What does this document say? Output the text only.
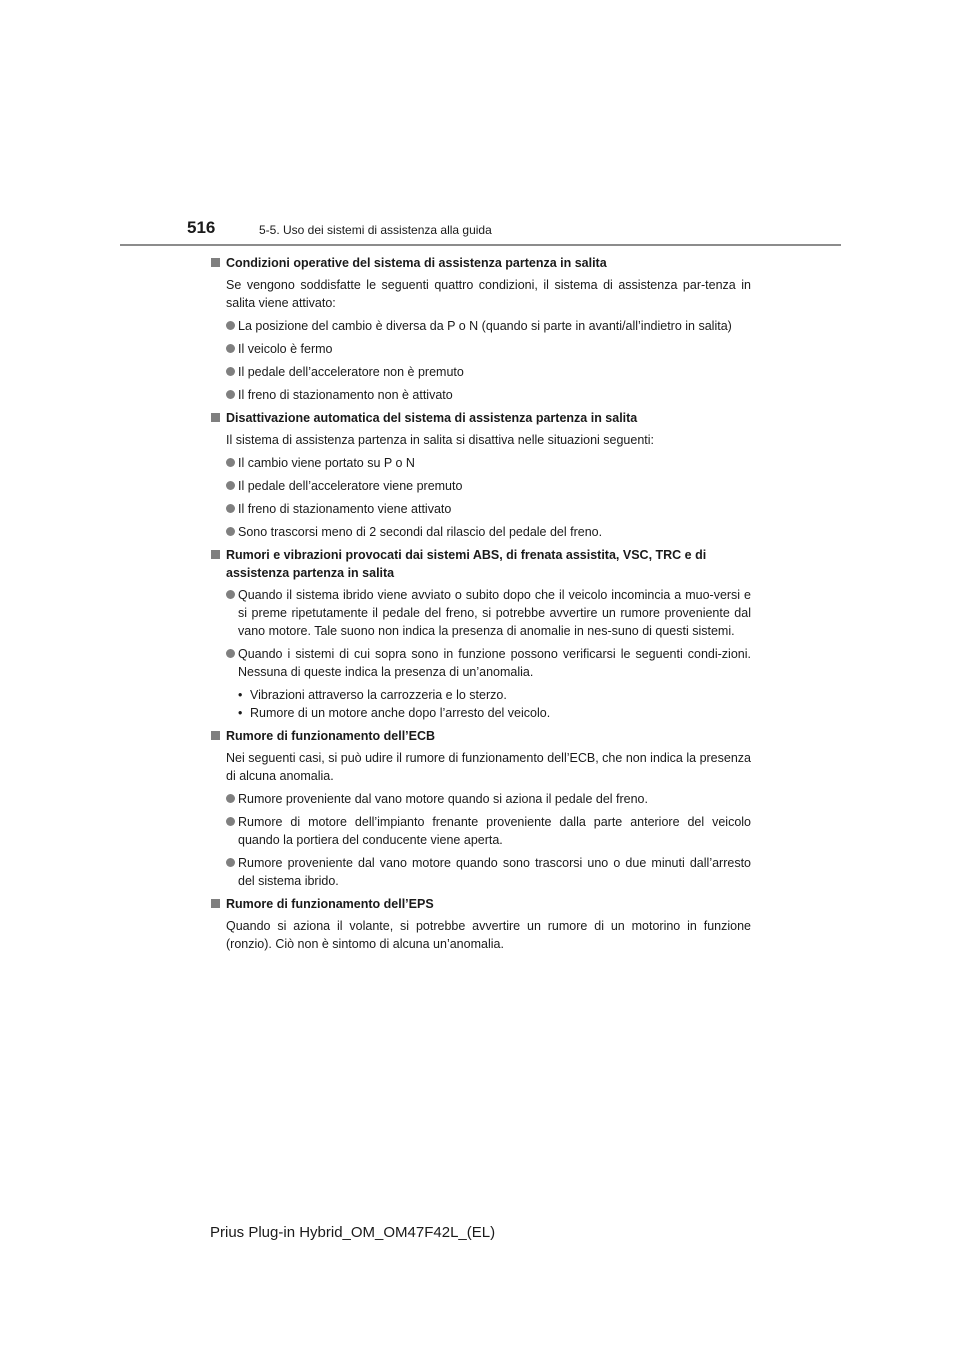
516	5-5. Uso dei sistemi di assistenza alla guida

Condizioni operative del sistema di assistenza partenza in salita

Se vengono soddisfatte le seguenti quattro condizioni, il sistema di assistenza par-tenza in salita viene attivato:

La posizione del cambio è diversa da P o N (quando si parte in avanti/all’indietro in salita)

Il veicolo è fermo

Il pedale dell’acceleratore non è premuto

Il freno di stazionamento non è attivato

Disattivazione automatica del sistema di assistenza partenza in salita

Il sistema di assistenza partenza in salita si disattiva nelle situazioni seguenti:

Il cambio viene portato su P o N

Il pedale dell’acceleratore viene premuto

Il freno di stazionamento viene attivato

Sono trascorsi meno di 2 secondi dal rilascio del pedale del freno.

Rumori e vibrazioni provocati dai sistemi ABS, di frenata assistita, VSC, TRC e di assistenza partenza in salita

Quando il sistema ibrido viene avviato o subito dopo che il veicolo incomincia a muo-versi e si preme ripetutamente il pedale del freno, si potrebbe avvertire un rumore proveniente dal vano motore. Tale suono non indica la presenza di anomalie in nes-suno di questi sistemi.

Quando i sistemi di cui sopra sono in funzione possono verificarsi le seguenti condi-zioni. Nessuna di queste indica la presenza di un’anomalia.

• Vibrazioni attraverso la carrozzeria e lo sterzo.

• Rumore di un motore anche dopo l’arresto del veicolo.

Rumore di funzionamento dell’ECB

Nei seguenti casi, si può udire il rumore di funzionamento dell’ECB, che non indica la presenza di alcuna anomalia.

Rumore proveniente dal vano motore quando si aziona il pedale del freno.

Rumore di motore dell’impianto frenante proveniente dalla parte anteriore del veicolo quando la portiera del conducente viene aperta.

Rumore proveniente dal vano motore quando sono trascorsi uno o due minuti dall’arresto del sistema ibrido.

Rumore di funzionamento dell’EPS

Quando si aziona il volante, si potrebbe avvertire un rumore di un motorino in funzione (ronzio). Ciò non è sintomo di alcuna un’anomalia.

Prius Plug-in Hybrid_OM_OM47F42L_(EL)
